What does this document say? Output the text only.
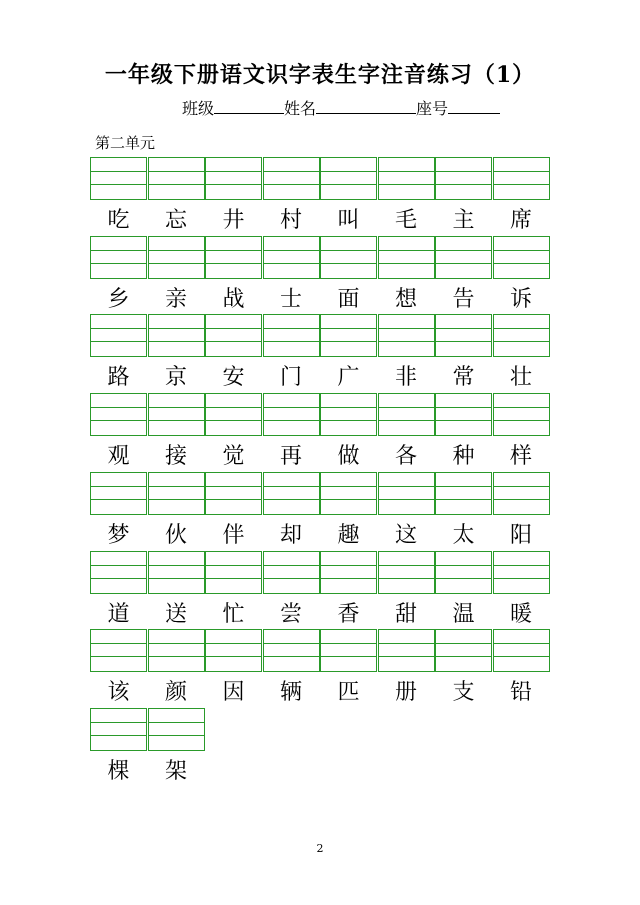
一年级下册语文识字表生字注音练习（1）
班级	姓名	座号
第二单元
吃	忘	井	村	叫	毛	主	席
乡	亲	战	士	面	想	告	诉
路	京	安	门	广	非	常	壮
观	接	觉	再	做	各	种	样
梦	伙	伴	却	趣	这	太	阳
道	送	忙	尝	香	甜	温	暖
该	颜	因	辆	匹	册	支	铅
棵	架
2
